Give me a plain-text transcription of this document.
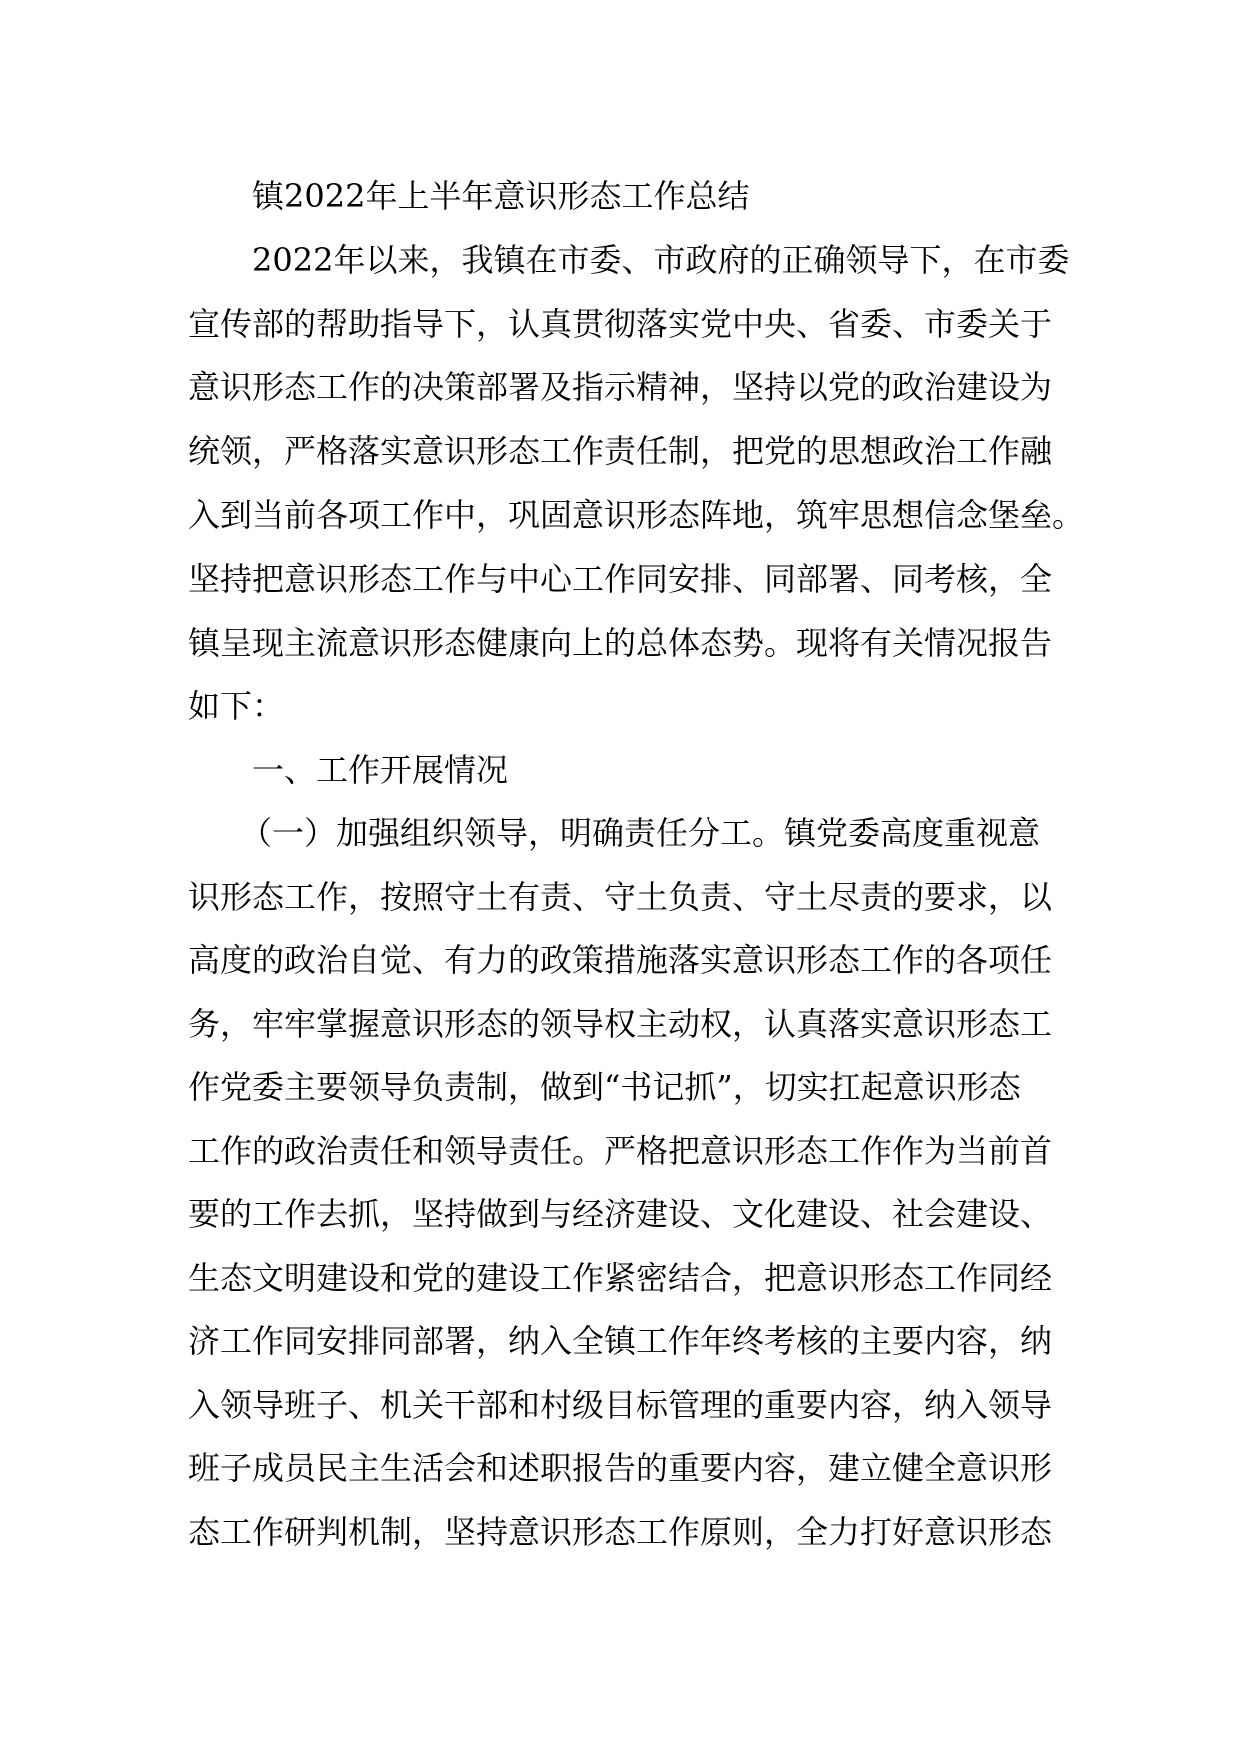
镇2022年上半年意识形态工作总结
2022年以来，我镇在市委、市政府的正确领导下，在市委
宣传部的帮助指导下，认真贯彻落实党中央、省委、市委关于
意识形态工作的决策部署及指示精神，坚持以党的政治建设为
统领，严格落实意识形态工作责任制，把党的思想政治工作融
入到当前各项工作中，巩固意识形态阵地，筑牢思想信念堡垒。
坚持把意识形态工作与中心工作同安排、同部署、同考核，全
镇呈现主流意识形态健康向上的总体态势。现将有关情况报告
如下：
一、工作开展情况
（一）加强组织领导，明确责任分工。镇党委高度重视意
识形态工作，按照守土有责、守土负责、守土尽责的要求，以
高度的政治自觉、有力的政策措施落实意识形态工作的各项任
务，牢牢掌握意识形态的领导权主动权，认真落实意识形态工
作党委主要领导负责制，做到“书记抓”，切实扛起意识形态
工作的政治责任和领导责任。严格把意识形态工作作为当前首
要的工作去抓，坚持做到与经济建设、文化建设、社会建设、
生态文明建设和党的建设工作紧密结合，把意识形态工作同经
济工作同安排同部署，纳入全镇工作年终考核的主要内容，纳
入领导班子、机关干部和村级目标管理的重要内容，纳入领导
班子成员民主生活会和述职报告的重要内容，建立健全意识形
态工作研判机制，坚持意识形态工作原则，全力打好意识形态
